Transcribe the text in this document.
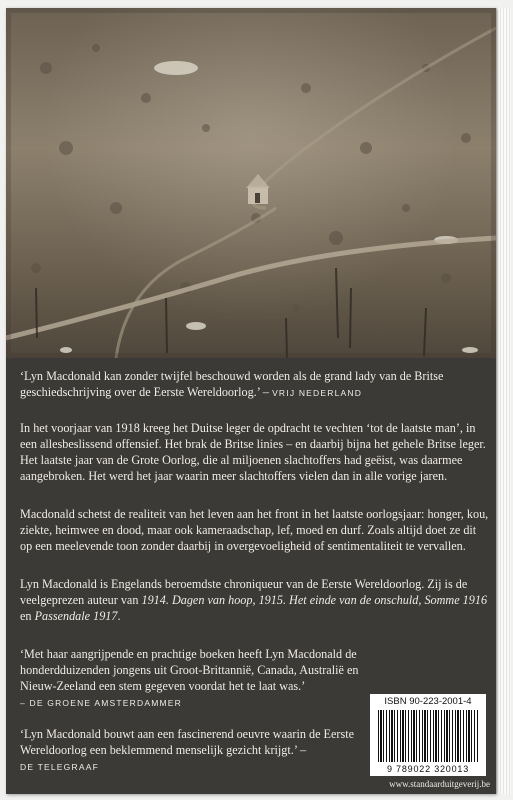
‘Lyn Macdonald kan zonder twijfel beschouwd worden als de grand lady van de Britse geschiedschrijving over de Eerste Wereldoorlog.’ – VRIJ NEDERLAND

In het voorjaar van 1918 kreeg het Duitse leger de opdracht te vechten ‘tot de laatste man’, in een allesbeslissend offensief. Het brak de Britse linies – en daarbij bijna het gehele Britse leger. Het laatste jaar van de Grote Oorlog, die al miljoenen slachtoffers had geëist, was daarmee aangebroken. Het werd het jaar waarin meer slachtoffers vielen dan in alle vorige jaren.

Macdonald schetst de realiteit van het leven aan het front in het laatste oorlogsjaar: honger, kou, ziekte, heimwee en dood, maar ook kameraadschap, lef, moed en durf. Zoals altijd doet ze dit op een meelevende toon zonder daarbij in overgevoeligheid of sentimentaliteit te vervallen.

Lyn Macdonald is Engelands beroemdste chroniqueur van de Eerste Wereldoorlog. Zij is de veelgeprezen auteur van 1914. Dagen van hoop, 1915. Het einde van de onschuld, Somme 1916 en Passendale 1917.

‘Met haar aangrijpende en prachtige boeken heeft Lyn Macdonald de honderdduizenden jongens uit Groot-Brittannië, Canada, Australië en Nieuw-Zeeland een stem gegeven voordat het te laat was.’
– DE GROENE AMSTERDAMMER

‘Lyn Macdonald bouwt aan een fascinerend oeuvre waarin de Eerste Wereldoorlog een beklemmend menselijk gezicht krijgt.’ – DE TELEGRAAF

ISBN 90-223-2001-4
9 789022 320013
www.standaarduitgeverij.be
